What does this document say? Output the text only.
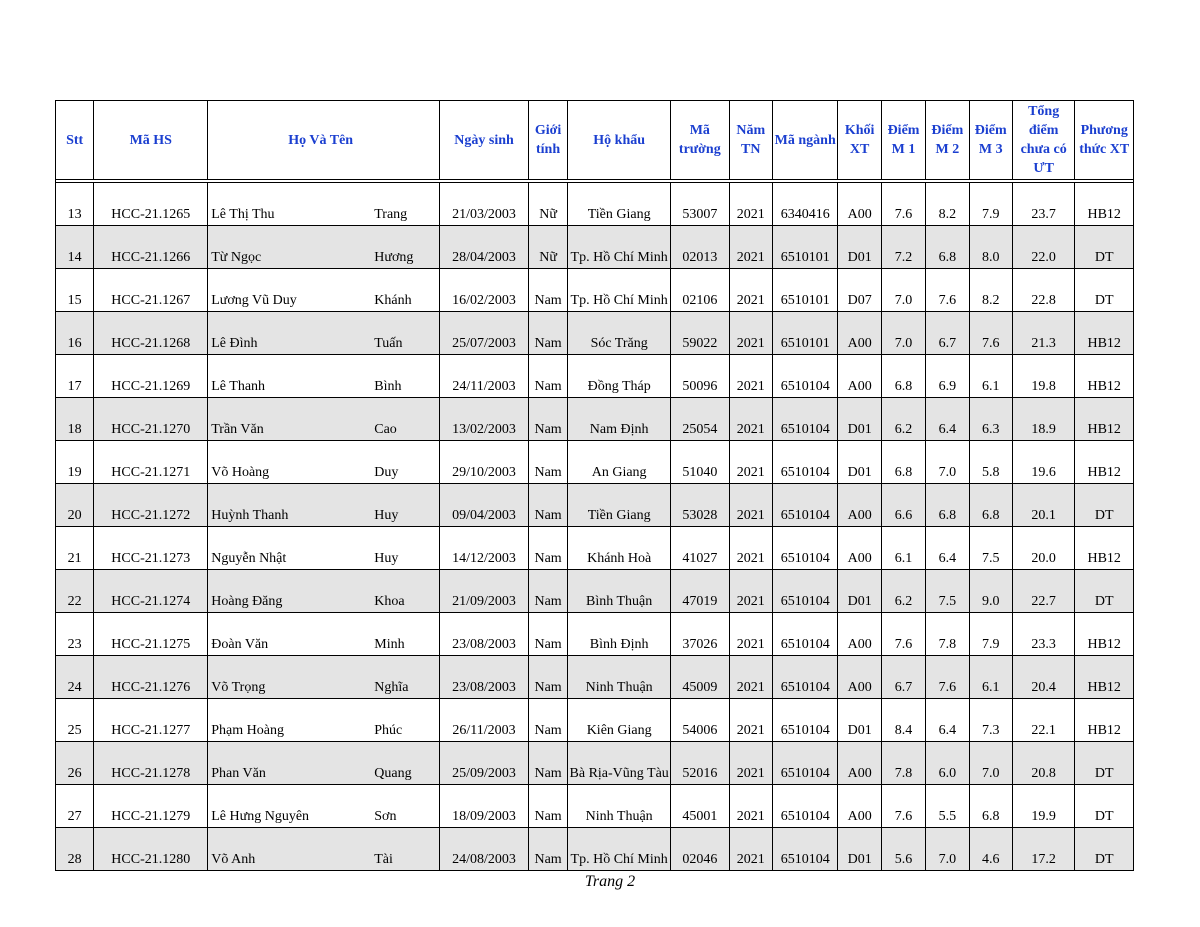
Stt	Mã HS	Họ Và Tên	Ngày sinh	Giới tính	Hộ khẩu	Mã trường	Năm TN	Mã ngành	Khối XT	Điểm M 1	Điểm M 2	Điểm M 3	Tổng điểm chưa có ƯT	Phương thức XT

13	HCC-21.1265	Lê Thị Thu Trang	21/03/2003	Nữ	Tiền Giang	53007	2021	6340416	A00	7.6	8.2	7.9	23.7	HB12
14	HCC-21.1266	Từ Ngọc Hương	28/04/2003	Nữ	Tp. Hồ Chí Minh	02013	2021	6510101	D01	7.2	6.8	8.0	22.0	DT
15	HCC-21.1267	Lương Vũ Duy Khánh	16/02/2003	Nam	Tp. Hồ Chí Minh	02106	2021	6510101	D07	7.0	7.6	8.2	22.8	DT
16	HCC-21.1268	Lê Đình Tuấn	25/07/2003	Nam	Sóc Trăng	59022	2021	6510101	A00	7.0	6.7	7.6	21.3	HB12
17	HCC-21.1269	Lê Thanh Bình	24/11/2003	Nam	Đồng Tháp	50096	2021	6510104	A00	6.8	6.9	6.1	19.8	HB12
18	HCC-21.1270	Trần Văn Cao	13/02/2003	Nam	Nam Định	25054	2021	6510104	D01	6.2	6.4	6.3	18.9	HB12
19	HCC-21.1271	Võ Hoàng Duy	29/10/2003	Nam	An Giang	51040	2021	6510104	D01	6.8	7.0	5.8	19.6	HB12
20	HCC-21.1272	Huỳnh Thanh Huy	09/04/2003	Nam	Tiền Giang	53028	2021	6510104	A00	6.6	6.8	6.8	20.1	DT
21	HCC-21.1273	Nguyễn Nhật Huy	14/12/2003	Nam	Khánh Hoà	41027	2021	6510104	A00	6.1	6.4	7.5	20.0	HB12
22	HCC-21.1274	Hoàng Đăng Khoa	21/09/2003	Nam	Bình Thuận	47019	2021	6510104	D01	6.2	7.5	9.0	22.7	DT
23	HCC-21.1275	Đoàn Văn Minh	23/08/2003	Nam	Bình Định	37026	2021	6510104	A00	7.6	7.8	7.9	23.3	HB12
24	HCC-21.1276	Võ Trọng Nghĩa	23/08/2003	Nam	Ninh Thuận	45009	2021	6510104	A00	6.7	7.6	6.1	20.4	HB12
25	HCC-21.1277	Phạm Hoàng Phúc	26/11/2003	Nam	Kiên Giang	54006	2021	6510104	D01	8.4	6.4	7.3	22.1	HB12
26	HCC-21.1278	Phan Văn Quang	25/09/2003	Nam	Bà Rịa-Vũng Tàu	52016	2021	6510104	A00	7.8	6.0	7.0	20.8	DT
27	HCC-21.1279	Lê Hưng Nguyên Sơn	18/09/2003	Nam	Ninh Thuận	45001	2021	6510104	A00	7.6	5.5	6.8	19.9	DT
28	HCC-21.1280	Võ Anh Tài	24/08/2003	Nam	Tp. Hồ Chí Minh	02046	2021	6510104	D01	5.6	7.0	4.6	17.2	DT
Trang 2
